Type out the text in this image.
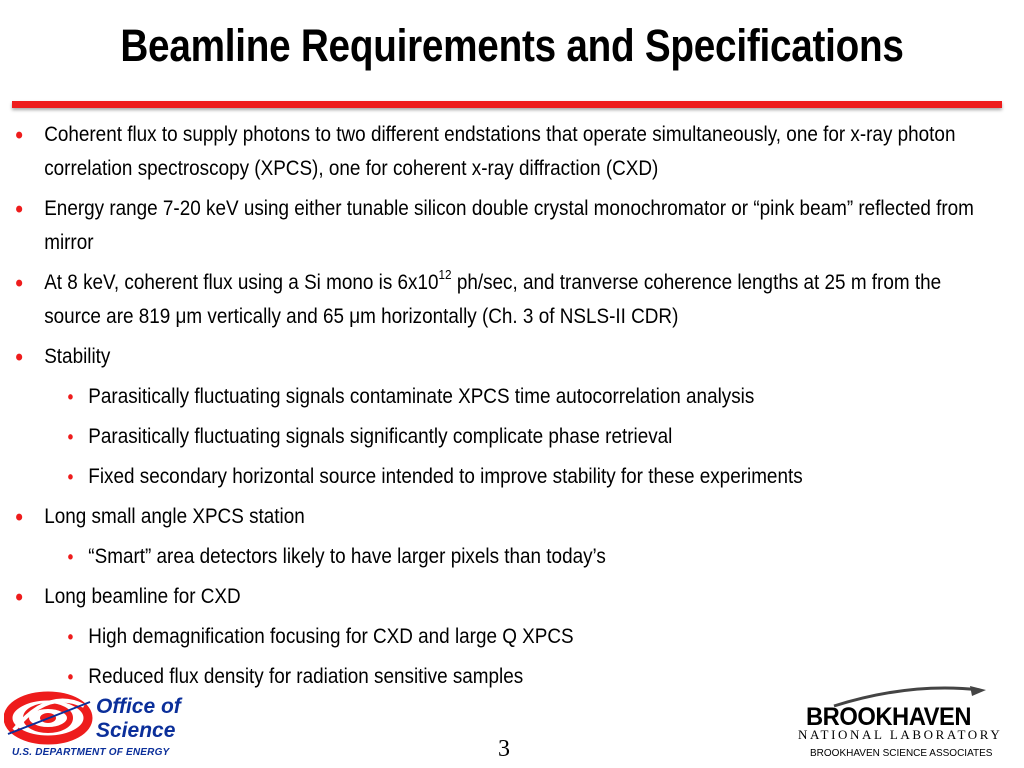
Beamline Requirements and Specifications
• Coherent flux to supply photons to two different endstations that operate simultaneously, one for x-ray photon correlation spectroscopy (XPCS), one for coherent x-ray diffraction (CXD)
• Energy range 7-20 keV using either tunable silicon double crystal monochromator or “pink beam” reflected from mirror
• At 8 keV, coherent flux using a Si mono is $6x10^{12}$ ph/sec, and tranverse coherence lengths at 25 m from the source are 819 μm vertically and 65 μm horizontally (Ch. 3 of NSLS-II CDR)
• Stability
• Parasitically fluctuating signals contaminate XPCS time autocorrelation analysis
• Parasitically fluctuating signals significantly complicate phase retrieval
• Fixed secondary horizontal source intended to improve stability for these experiments
• Long small angle XPCS station
• “Smart” area detectors likely to have larger pixels than today’s
• Long beamline for CXD
• High demagnification focusing for CXD and large Q XPCS
• Reduced flux density for radiation sensitive samples
Office of
Science
U.S. DEPARTMENT OF ENERGY	3
BROOKHAVEN
NATIONAL LABORATORY
BROOKHAVEN SCIENCE ASSOCIATES
